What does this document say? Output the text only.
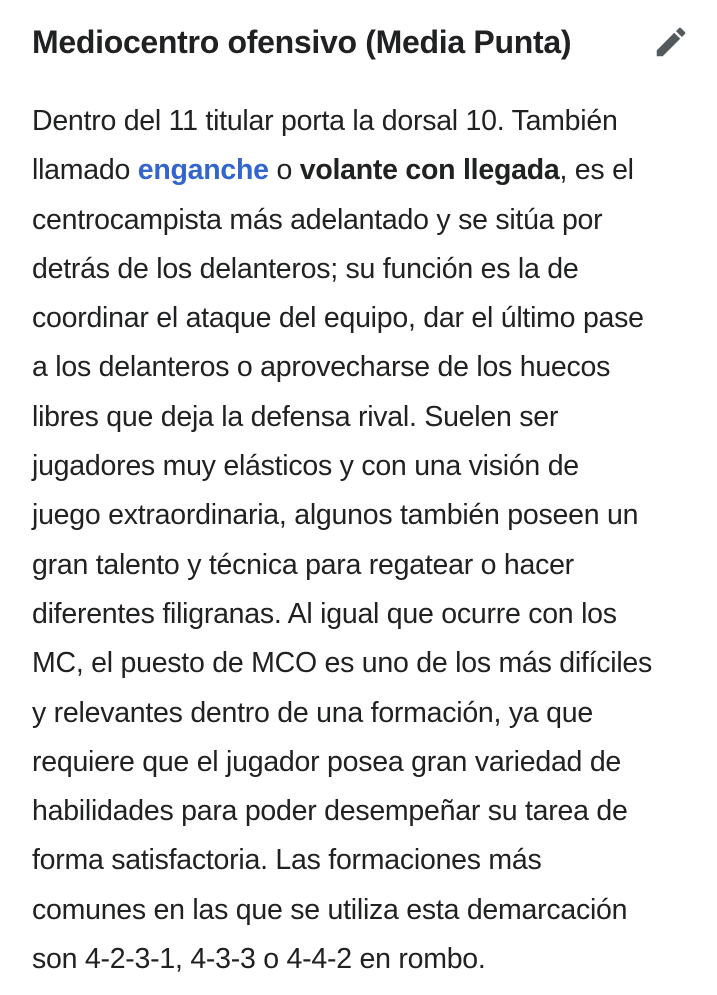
Mediocentro ofensivo (Media Punta)

Dentro del 11 titular porta la dorsal 10. También
llamado enganche o volante con llegada, es el
centrocampista más adelantado y se sitúa por
detrás de los delanteros; su función es la de
coordinar el ataque del equipo, dar el último pase
a los delanteros o aprovecharse de los huecos
libres que deja la defensa rival. Suelen ser
jugadores muy elásticos y con una visión de
juego extraordinaria, algunos también poseen un
gran talento y técnica para regatear o hacer
diferentes filigranas. Al igual que ocurre con los
MC, el puesto de MCO es uno de los más difíciles
y relevantes dentro de una formación, ya que
requiere que el jugador posea gran variedad de
habilidades para poder desempeñar su tarea de
forma satisfactoria. Las formaciones más
comunes en las que se utiliza esta demarcación
son 4-2-3-1, 4-3-3 o 4-4-2 en rombo.
